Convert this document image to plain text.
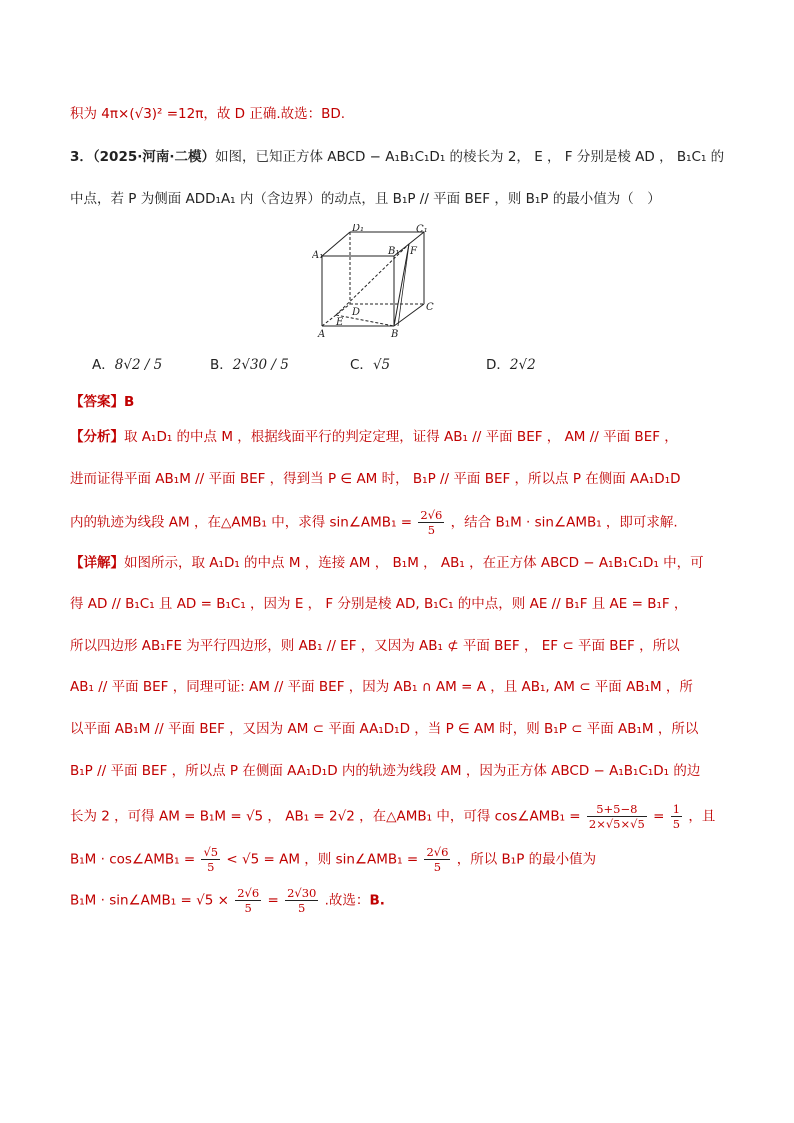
积为 4π×(√3)² =12π，故 D 正确.故选：BD.
3．（2025·河南·二模）如图，已知正方体 ABCD − A₁B₁C₁D₁ 的棱长为 2， E ， F 分别是棱 AD ， B₁C₁ 的
中点，若 P 为侧面 ADD₁A₁ 内（含边界）的动点，且 B₁P // 平面 BEF ，则 B₁P 的最小值为（　）
D₁	C₁
A₁	B₁ F
D	C
E
A	B
A．8√2 / 5	B．2√30 / 5	C．√5	D．2√2
【答案】B
【分析】取 A₁D₁ 的中点 M ，根据线面平行的判定定理，证得 AB₁ // 平面 BEF ， AM // 平面 BEF ，
进而证得平面 AB₁M // 平面 BEF ，得到当 P ∈ AM 时， B₁P // 平面 BEF ，所以点 P 在侧面 AA₁D₁D
内的轨迹为线段 AM ，在△AMB₁ 中，求得 sin∠AMB₁ = $\frac{2√6}{5}$ ，结合 B₁M · sin∠AMB₁ ，即可求解.
【详解】如图所示，取 A₁D₁ 的中点 M ，连接 AM ， B₁M ， AB₁ ，在正方体 ABCD − A₁B₁C₁D₁ 中，可
得 AD // B₁C₁ 且 AD = B₁C₁ ，因为 E ， F 分别是棱 AD, B₁C₁ 的中点，则 AE // B₁F 且 AE = B₁F ，
所以四边形 AB₁FE 为平行四边形，则 AB₁ // EF ，又因为 AB₁ ⊄ 平面 BEF ， EF ⊂ 平面 BEF ，所以
AB₁ // 平面 BEF ，同理可证: AM // 平面 BEF ，因为 AB₁ ∩ AM = A ，且 AB₁, AM ⊂ 平面 AB₁M ，所
以平面 AB₁M // 平面 BEF ，又因为 AM ⊂ 平面 AA₁D₁D ，当 P ∈ AM 时，则 B₁P ⊂ 平面 AB₁M ，所以
B₁P // 平面 BEF ，所以点 P 在侧面 AA₁D₁D 内的轨迹为线段 AM ，因为正方体 ABCD − A₁B₁C₁D₁ 的边
长为 2 ，可得 AM = B₁M = √5 ， AB₁ = 2√2 ，在△AMB₁ 中，可得 cos∠AMB₁ = $\frac{5+5-8}{2\times√5\times√5} = \frac{1}{5}$ ，且
B₁M · cos∠AMB₁ = $\frac{√5}{5} < √5$ = AM ，则 sin∠AMB₁ = $\frac{2√6}{5}$ ，所以 B₁P 的最小值为
B₁M · sin∠AMB₁ = $√5 \times \frac{2√6}{5} = \frac{2√30}{5}$ .故选：B.
